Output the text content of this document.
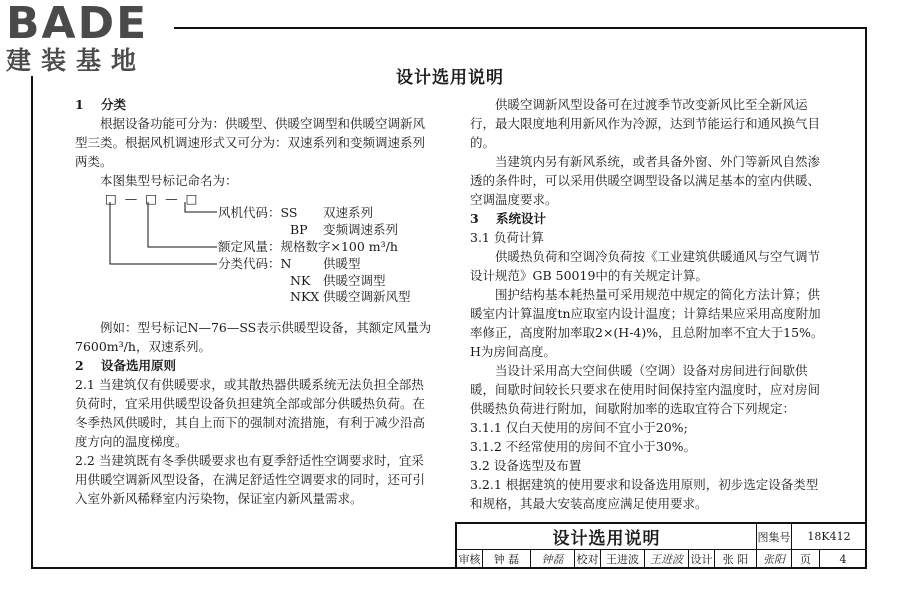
BADE
建装基地
设计选用说明

1 分类

根据设备功能可分为：供暖型、供暖空调型和供暖空调新风型三类。根据风机调速形式又可分为：双速系列和变频调速系列两类。

本图集型号标记命名为：

□—□—□
风机代码：SS 双速系列
BP 变频调速系列
额定风量：规格数字×100 m³/h
分类代码：N	供暖型
NK 供暖空调型
NKX 供暖空调新风型

例如：型号标记N—76—SS表示供暖型设备，其额定风量为7600m³/h，双速系列。

2 设备选用原则

2.1 当建筑仅有供暖要求，或其散热器供暖系统无法负担全部热负荷时，宜采用供暖型设备负担建筑全部或部分供暖热负荷。在冬季热风供暖时，其自上而下的强制对流措施，有利于减少沿高度方向的温度梯度。

2.2 当建筑既有冬季供暖要求也有夏季舒适性空调要求时，宜采用供暖空调新风型设备，在满足舒适性空调要求的同时，还可引入室外新风稀释室内污染物，保证室内新风量需求。

供暖空调新风型设备可在过渡季节改变新风比至全新风运行，最大限度地利用新风作为冷源，达到节能运行和通风换气目的。

当建筑内另有新风系统，或者具备外窗、外门等新风自然渗透的条件时，可以采用供暖空调型设备以满足基本的室内供暖、空调温度要求。

3 系统设计

3.1 负荷计算

供暖热负荷和空调冷负荷按《工业建筑供暖通风与空气调节设计规范》GB 50019中的有关规定计算。

围护结构基本耗热量可采用规范中规定的简化方法计算；供暖室内计算温度tn应取室内设计温度；计算结果应采用高度附加率修正，高度附加率取2×(H-4)%，且总附加率不宜大于15%。H为房间高度。

当设计采用高大空间供暖（空调）设备对房间进行间歇供暖，间歇时间较长只要求在使用时间保持室内温度时，应对房间供暖热负荷进行附加，间歇附加率的选取宜符合下列规定：

3.1.1 仅白天使用的房间不宜小于20%;

3.1.2 不经常使用的房间不宜小于30%。

3.2 设备选型及布置

3.2.1 根据建筑的使用要求和设备选用原则，初步选定设备类型和规格，其最大安装高度应满足使用要求。

设计选用说明	图集号	18K412
审核	钟 磊	钟磊	校对 王进波	王进波 设计 张 阳	张阳	页	4
